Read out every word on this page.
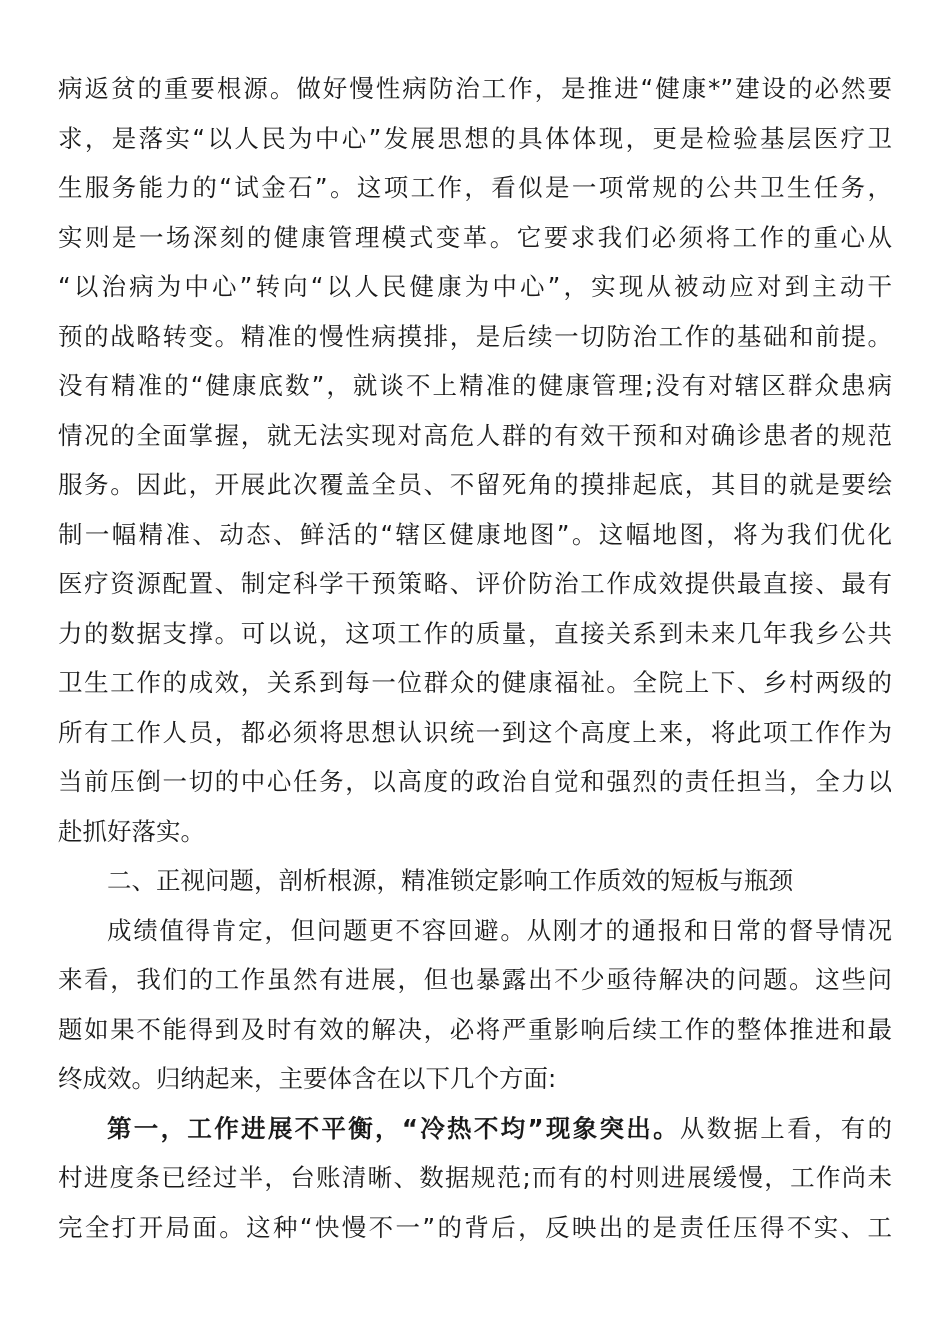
病返贫的重要根源。做好慢性病防治工作，是推进“健康*”建设的必然要
求，是落实“以人民为中心”发展思想的具体体现，更是检验基层医疗卫
生服务能力的“试金石”。这项工作，看似是一项常规的公共卫生任务，
实则是一场深刻的健康管理模式变革。它要求我们必须将工作的重心从
“以治病为中心”转向“以人民健康为中心”，实现从被动应对到主动干
预的战略转变。精准的慢性病摸排，是后续一切防治工作的基础和前提。
没有精准的“健康底数”，就谈不上精准的健康管理;没有对辖区群众患病
情况的全面掌握，就无法实现对高危人群的有效干预和对确诊患者的规范
服务。因此，开展此次覆盖全员、不留死角的摸排起底，其目的就是要绘
制一幅精准、动态、鲜活的“辖区健康地图”。这幅地图，将为我们优化
医疗资源配置、制定科学干预策略、评价防治工作成效提供最直接、最有
力的数据支撑。可以说，这项工作的质量，直接关系到未来几年我乡公共
卫生工作的成效，关系到每一位群众的健康福祉。全院上下、乡村两级的
所有工作人员，都必须将思想认识统一到这个高度上来，将此项工作作为
当前压倒一切的中心任务，以高度的政治自觉和强烈的责任担当，全力以
赴抓好落实。
二、正视问题，剖析根源，精准锁定影响工作质效的短板与瓶颈
成绩值得肯定，但问题更不容回避。从刚才的通报和日常的督导情况
来看，我们的工作虽然有进展，但也暴露出不少亟待解决的问题。这些问
题如果不能得到及时有效的解决，必将严重影响后续工作的整体推进和最
终成效。归纳起来，主要体含在以下几个方面:
第一，工作进展不平衡，“冷热不均”现象突出。从数据上看，有的
村进度条已经过半，台账清晰、数据规范;而有的村则进展缓慢，工作尚未
完全打开局面。这种“快慢不一”的背后，反映出的是责任压得不实、工
